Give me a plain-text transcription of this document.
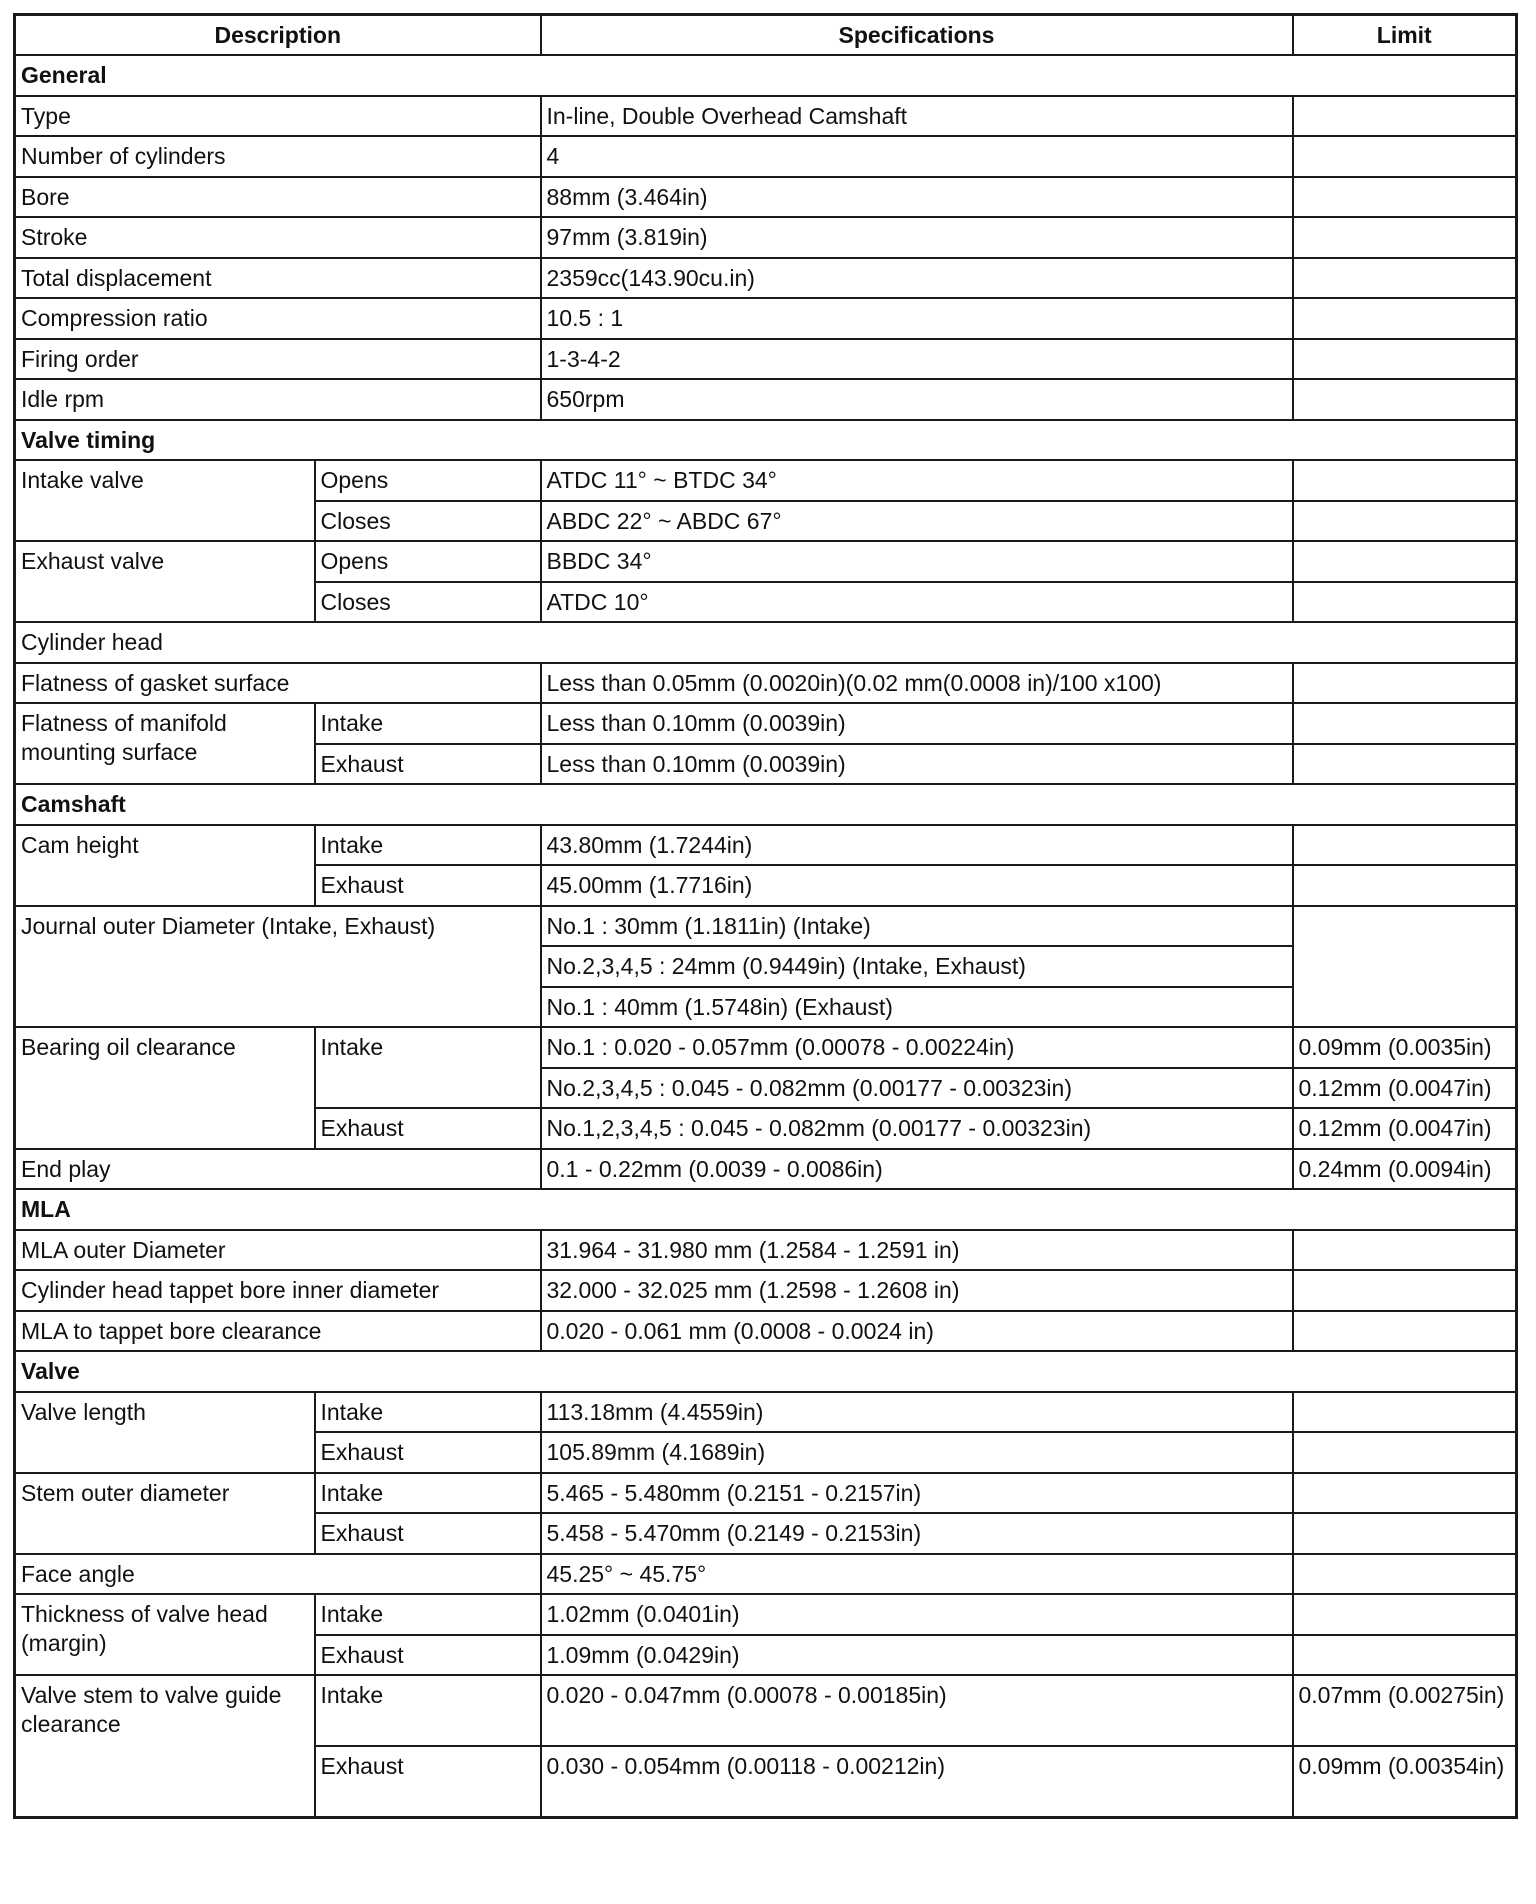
Description		Specifications	Limit
General			
Type		In-line, Double Overhead Camshaft	
Number of cylinders		4	
Bore		88mm (3.464in)	
Stroke		97mm (3.819in)	
Total displacement		2359cc(143.90cu.in)	
Compression ratio		10.5 : 1	
Firing order		1-3-4-2	
Idle rpm		650rpm	
Valve timing			
Intake valve	Opens	ATDC 11° ~ BTDC 34°	
	Closes	ABDC 22° ~ ABDC 67°	
Exhaust valve	Opens	BBDC 34°	
	Closes	ATDC 10°	
Cylinder head			
Flatness of gasket surface		Less than 0.05mm (0.0020in)(0.02 mm(0.0008 in)/100 x100)	
Flatness of manifold mounting surface	Intake	Less than 0.10mm (0.0039in)	
	Exhaust	Less than 0.10mm (0.0039in)	
Camshaft			
Cam height	Intake	43.80mm (1.7244in)	
	Exhaust	45.00mm (1.7716in)	
Journal outer Diameter (Intake, Exhaust)		No.1 : 30mm (1.1811in) (Intake)	
		No.2,3,4,5 : 24mm (0.9449in) (Intake, Exhaust)	
		No.1 : 40mm (1.5748in) (Exhaust)	
Bearing oil clearance	Intake	No.1 : 0.020 - 0.057mm (0.00078 - 0.00224in)	0.09mm (0.0035in)
		No.2,3,4,5 : 0.045 - 0.082mm (0.00177 - 0.00323in)	0.12mm (0.0047in)
	Exhaust	No.1,2,3,4,5 : 0.045 - 0.082mm (0.00177 - 0.00323in)	0.12mm (0.0047in)
End play		0.1 - 0.22mm (0.0039 - 0.0086in)	0.24mm (0.0094in)
MLA			
MLA outer Diameter		31.964 - 31.980 mm (1.2584 - 1.2591 in)	
Cylinder head tappet bore inner diameter		32.000 - 32.025 mm (1.2598 - 1.2608 in)	
MLA to tappet bore clearance		0.020 - 0.061 mm (0.0008 - 0.0024 in)	
Valve			
Valve length	Intake	113.18mm (4.4559in)	
	Exhaust	105.89mm (4.1689in)	
Stem outer diameter	Intake	5.465 - 5.480mm (0.2151 - 0.2157in)	
	Exhaust	5.458 - 5.470mm (0.2149 - 0.2153in)	
Face angle		45.25° ~ 45.75°	
Thickness of valve head (margin)	Intake	1.02mm (0.0401in)	
	Exhaust	1.09mm (0.0429in)	
Valve stem to valve guide clearance	Intake	0.020 - 0.047mm (0.00078 - 0.00185in)	0.07mm (0.00275in)
	Exhaust	0.030 - 0.054mm (0.00118 - 0.00212in)	0.09mm (0.00354in)
